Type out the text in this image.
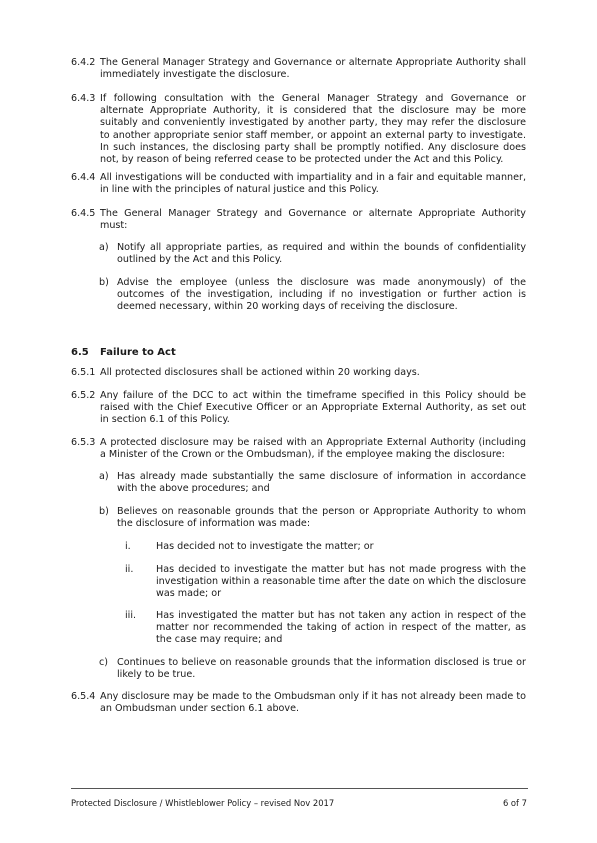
6.4.2 The General Manager Strategy and Governance or alternate Appropriate Authority shall immediately investigate the disclosure.
6.4.3 If following consultation with the General Manager Strategy and Governance or alternate Appropriate Authority, it is considered that the disclosure may be more suitably and conveniently investigated by another party, they may refer the disclosure to another appropriate senior staff member, or appoint an external party to investigate. In such instances, the disclosing party shall be promptly notified. Any disclosure does not, by reason of being referred cease to be protected under the Act and this Policy.
6.4.4 All investigations will be conducted with impartiality and in a fair and equitable manner, in line with the principles of natural justice and this Policy.
6.4.5 The General Manager Strategy and Governance or alternate Appropriate Authority must:
a) Notify all appropriate parties, as required and within the bounds of confidentiality outlined by the Act and this Policy.
b) Advise the employee (unless the disclosure was made anonymously) of the outcomes of the investigation, including if no investigation or further action is deemed necessary, within 20 working days of receiving the disclosure.
6.5 Failure to Act
6.5.1 All protected disclosures shall be actioned within 20 working days.
6.5.2 Any failure of the DCC to act within the timeframe specified in this Policy should be raised with the Chief Executive Officer or an Appropriate External Authority, as set out in section 6.1 of this Policy.
6.5.3 A protected disclosure may be raised with an Appropriate External Authority (including a Minister of the Crown or the Ombudsman), if the employee making the disclosure:
a) Has already made substantially the same disclosure of information in accordance with the above procedures; and
b) Believes on reasonable grounds that the person or Appropriate Authority to whom the disclosure of information was made:
i.	Has decided not to investigate the matter; or
ii. Has decided to investigate the matter but has not made progress with the investigation within a reasonable time after the date on which the disclosure was made; or
iii. Has investigated the matter but has not taken any action in respect of the matter nor recommended the taking of action in respect of the matter, as the case may require; and
c) Continues to believe on reasonable grounds that the information disclosed is true or likely to be true.
6.5.4 Any disclosure may be made to the Ombudsman only if it has not already been made to an Ombudsman under section 6.1 above.
Protected Disclosure / Whistleblower Policy – revised Nov 2017	6 of 7
